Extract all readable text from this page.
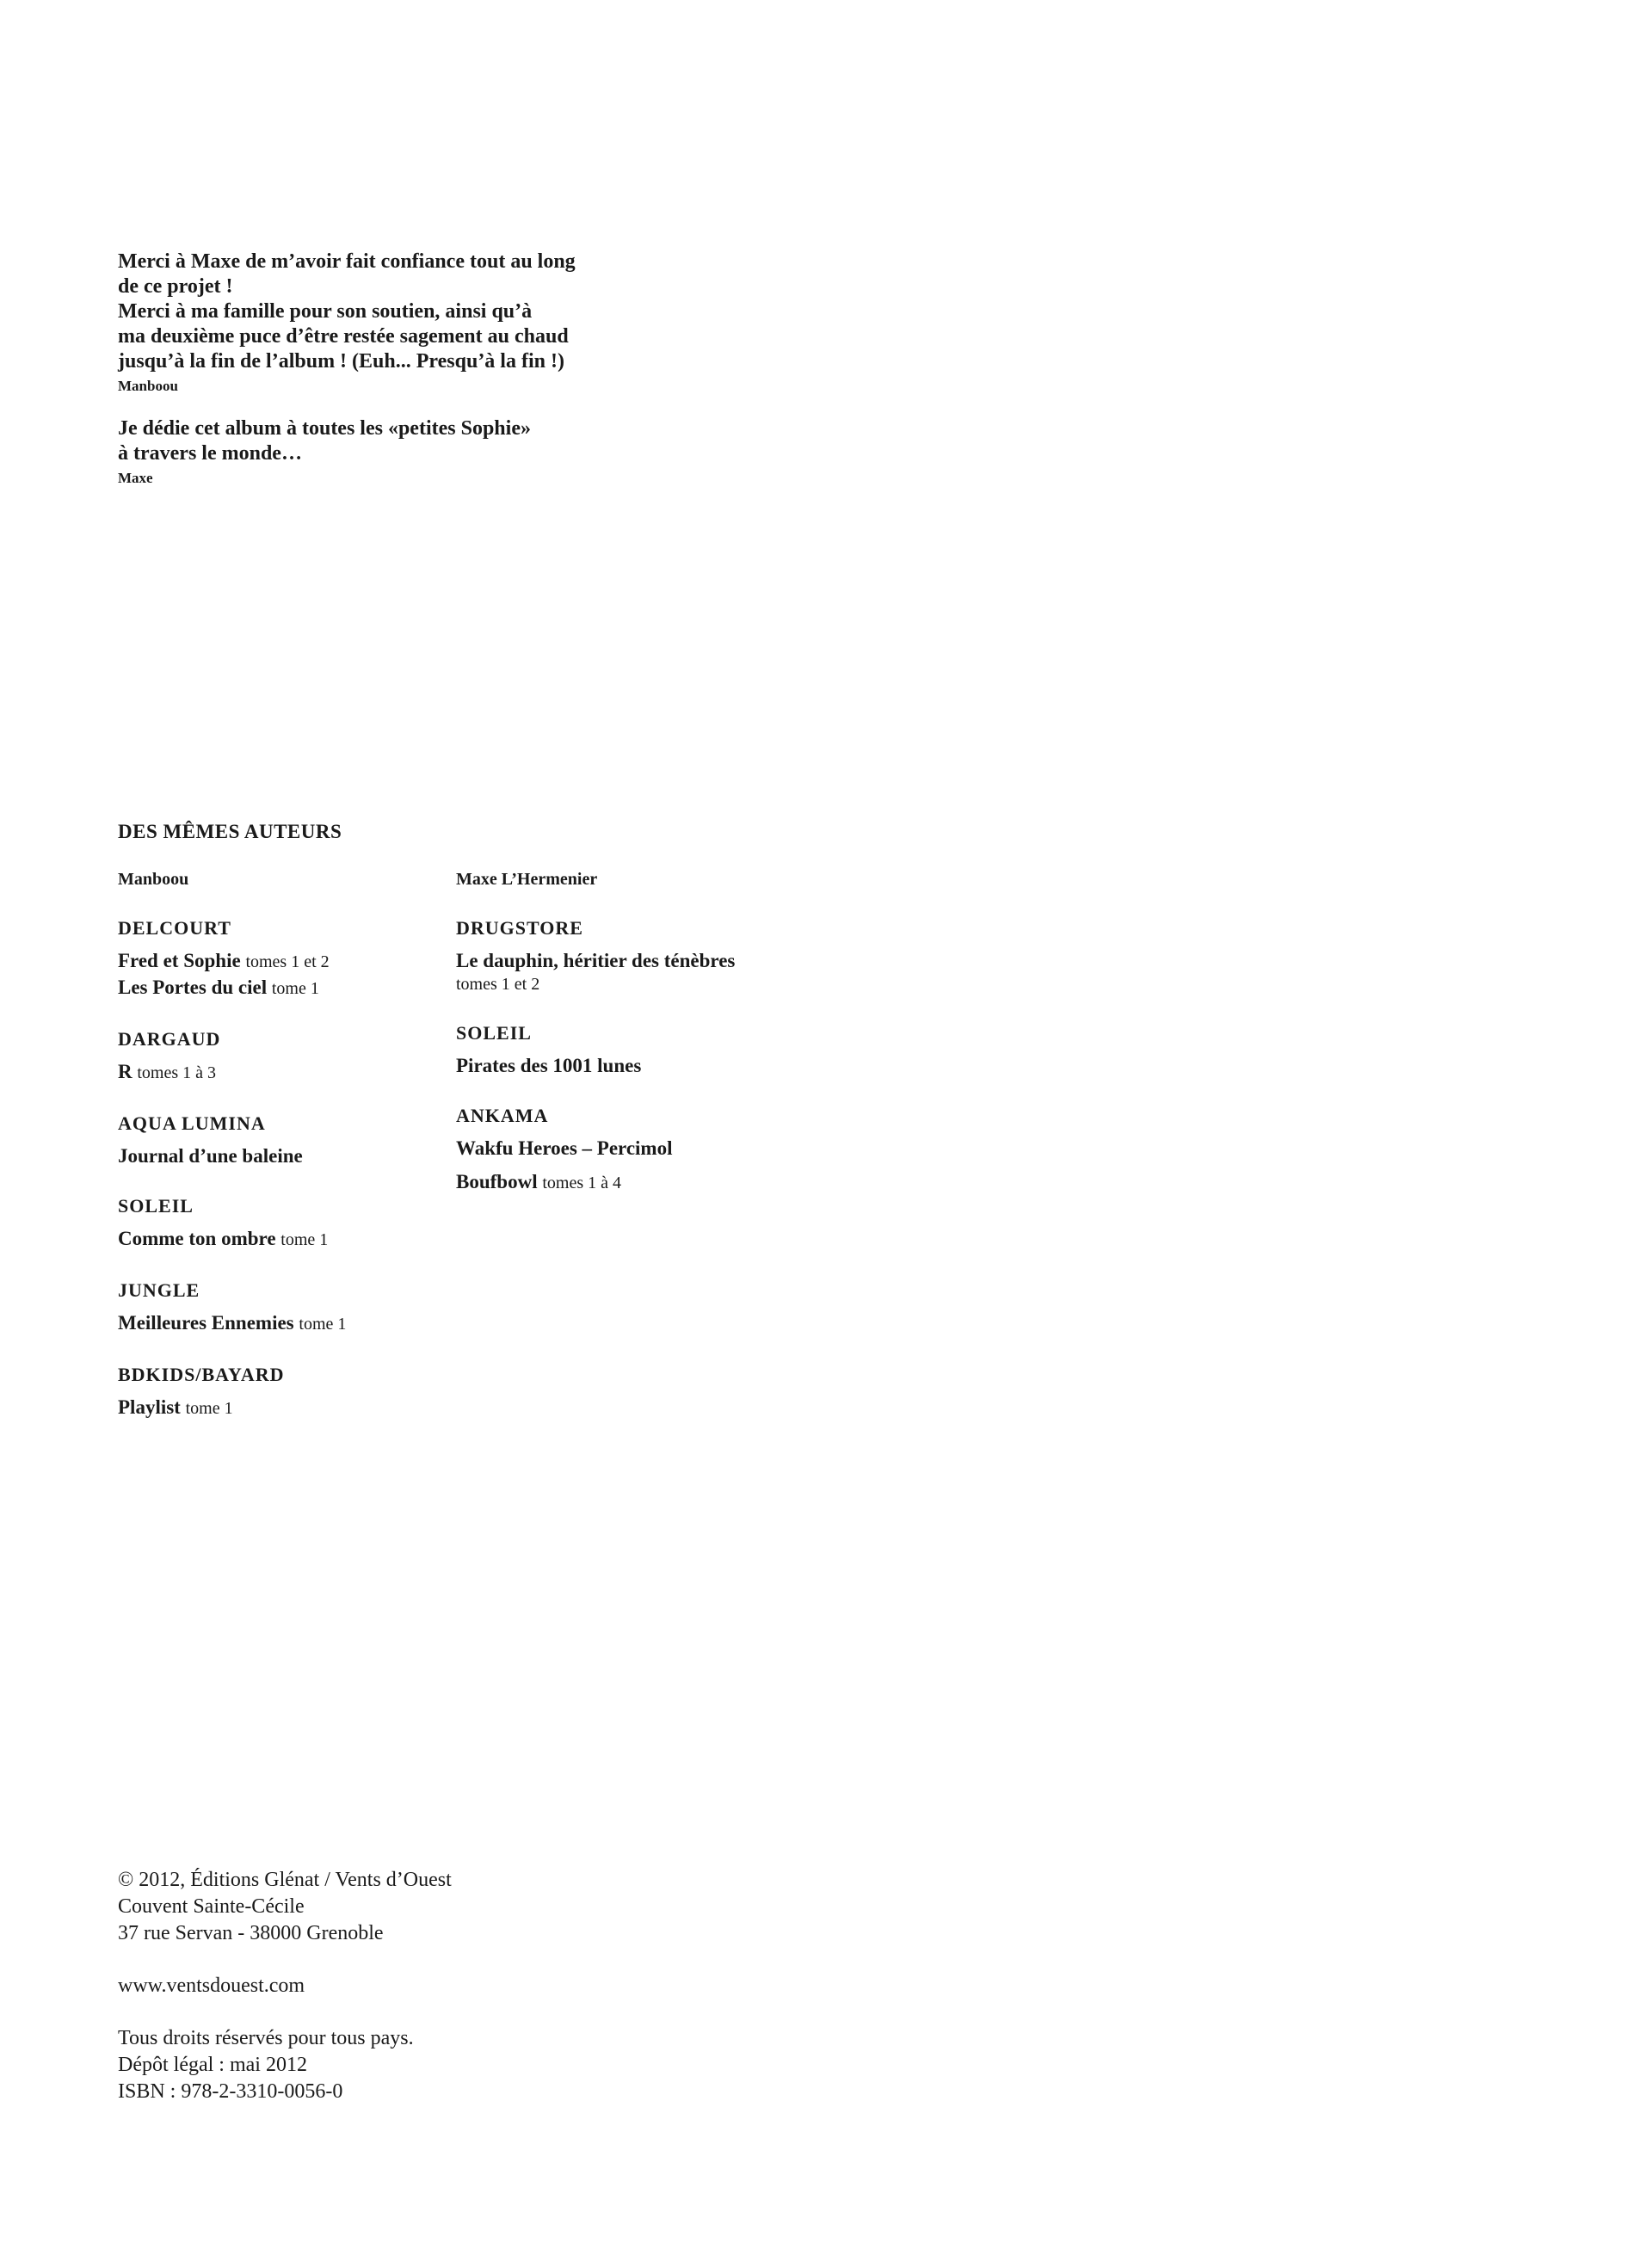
Merci à Maxe de m’avoir fait confiance tout au long
de ce projet !
Merci à ma famille pour son soutien, ainsi qu’à
ma deuxième puce d’être restée sagement au chaud
jusqu’à la fin de l’album ! (Euh... Presqu’à la fin !)
Manboou
Je dédie cet album à toutes les «petites Sophie»
à travers le monde…
Maxe
DES MÊMES AUTEURS
Manboou
DELCOURT
Fred et Sophie tomes 1 et 2
Les Portes du ciel tome 1
DARGAUD
R tomes 1 à 3
AQUA LUMINA
Journal d’une baleine
SOLEIL
Comme ton ombre tome 1
JUNGLE
Meilleures Ennemies tome 1
BDKIDS/BAYARD
Playlist tome 1
Maxe L’Hermenier
DRUGSTORE
Le dauphin, héritier des ténèbres
tomes 1 et 2
SOLEIL
Pirates des 1001 lunes
ANKAMA
Wakfu Heroes – Percimol
Boufbowl tomes 1 à 4
© 2012, Éditions Glénat / Vents d’Ouest
Couvent Sainte-Cécile
37 rue Servan - 38000 Grenoble
www.ventsdouest.com
Tous droits réservés pour tous pays.
Dépôt légal : mai 2012
ISBN : 978-2-3310-0056-0
